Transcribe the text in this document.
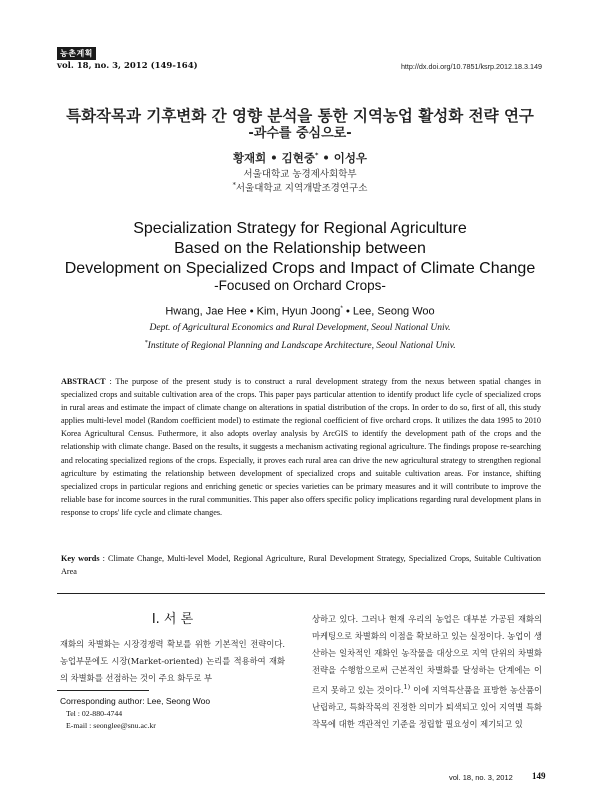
농촌계획
vol. 18, no. 3, 2012 (149-164)	http://dx.doi.org/10.7851/ksrp.2012.18.3.149
특화작목과 기후변화 간 영향 분석을 통한 지역농업 활성화 전략 연구
-과수를 중심으로-
황재희 • 김현중* • 이성우
서울대학교 농경제사회학부
*서울대학교 지역개발조경연구소
Specialization Strategy for Regional Agriculture
Based on the Relationship between
Development on Specialized Crops and Impact of Climate Change
-Focused on Orchard Crops-
Hwang, Jae Hee • Kim, Hyun Joong* • Lee, Seong Woo
Dept. of Agricultural Economics and Rural Development, Seoul National Univ.
*Institute of Regional Planning and Landscape Architecture, Seoul National Univ.
ABSTRACT : The purpose of the present study is to construct a rural development strategy from the nexus between spatial changes in specialized crops and suitable cultivation area of the crops. This paper pays particular attention to identify product life cycle of specialized crops in rural areas and estimate the impact of climate change on alterations in spatial distribution of the crops. In order to do so, first of all, this study applies multi-level model (Random coefficient model) to estimate the regional coefficient of five orchard crops. It utilizes the data 1995 to 2010 Korea Agricultural Census. Futhermore, it also adopts overlay analysis by ArcGIS to identify the development path of the crops and the relationship with climate change. Based on the results, it suggests a mechanism activating regional agriculture. The findings propose re-searching and relocating specialized regions of the crops. Especially, it proves each rural area can drive the new agricultural strategy to strengthen regional agriculture by estimating the relationship between development of specialized crops and suitable cultivation areas. For instance, shifting specialized crops in particular regions and enriching genetic or species varieties can be primary measures and it will contribute to improve the reliable base for income sources in the rural communities. This paper also offers specific policy implications regarding rural development plans in response to crops' life cycle and climate changes.
Key words : Climate Change, Multi-level Model, Regional Agriculture, Rural Development Strategy, Specialized Crops, Suitable Cultivation Area
Ⅰ. 서 론
재화의 차별화는 시장경쟁력 확보를 위한 기본적인 전략이다. 농업부문에도 시장(Market-oriented) 논리를 적용하여 재화의 차별화를 선점하는 것이 주요 화두로 부
상하고 있다. 그러나 현재 우리의 농업은 대부분 가공된 재화의 마케팅으로 차별화의 이점을 확보하고 있는 실정이다. 농업이 생산하는 일차적인 재화인 농작물을 대상으로 지역 단위의 차별화 전략을 수행함으로써 근본적인 차별화를 달성하는 단계에는 이르지 못하고 있는 것이다.$^{1)}$ 이에 지역특산품을 표방한 농산품이 난립하고, 특화작목의 진정한 의미가 퇴색되고 있어 지역별 특화작목에 대한 객관적인 기준을 정립할 필요성이 제기되고 있
Corresponding author: Lee, Seong Woo
Tel : 02-880-4744
E-mail : seonglee@snu.ac.kr
vol. 18, no. 3, 2012 149
